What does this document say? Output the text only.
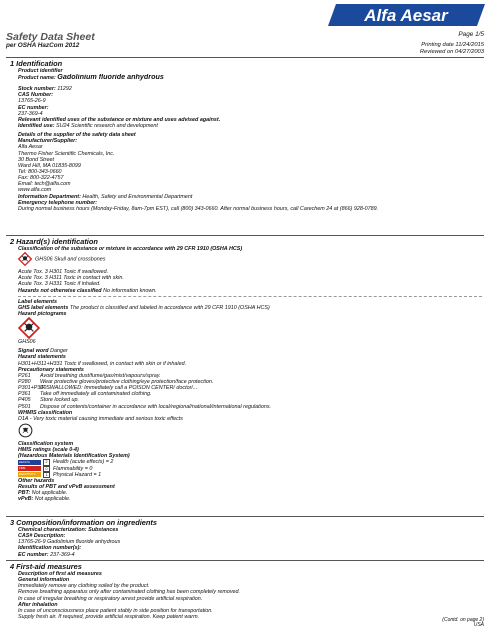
Safety Data Sheet
per OSHA HazCom 2012
Alfa Aesar
Page 1/5
Printing date 11/24/2015
Reviewed on 04/27/2003
1 Identification
Product identifier
Product name: Gadolinium fluoride anhydrous
Stock number: 11292
CAS Number:
13765-26-9
EC number:
237-369-4
Relevant identified uses of the substance or mixture and uses advised against.
Identified use: SU24 Scientific research and development
Details of the supplier of the safety data sheet
Manufacturer/Supplier:
Alfa Aesar
Thermo Fisher Scientific Chemicals, Inc.
30 Bond Street
Ward Hill, MA 01835-8099
Tel: 800-343-0660
Fax: 800-322-4757
Email: tech@alfa.com
www.alfa.com
Information Department: Health, Safety and Environmental Department
Emergency telephone number:
During normal business hours (Monday-Friday, 8am-7pm EST), call (800) 343-0660. After normal business hours, call Carechem 24 at (866) 928-0789.
2 Hazard(s) identification
Classification of the substance or mixture in accordance with 29 CFR 1910 (OSHA HCS)
GHS06 Skull and crossbones
Acute Tox. 3 H301 Toxic if swallowed.
Acute Tox. 3 H311 Toxic in contact with skin.
Acute Tox. 3 H331 Toxic if inhaled.
Hazards not otherwise classified No information known.
Label elements
GHS label elements The product is classified and labeled in accordance with 29 CFR 1910 (OSHA HCS)
Hazard pictograms
GHS06
Signal word Danger
Hazard statements
H301+H311+H331 Toxic if swallowed, in contact with skin or if inhaled.
Precautionary statements
P261 Avoid breathing dust/fume/gas/mist/vapours/spray.
P280 Wear protective gloves/protective clothing/eye protection/face protection.
P301+P310IF SWALLOWED: Immediately call a POISON CENTER/ doctor/...
P361 Take off immediately all contaminated clothing.
P405 Store locked up.
P501 Dispose of contents/container in accordance with local/regional/national/international regulations.
WHMIS classification
D1A - Very toxic material causing immediate and serious toxic effects
Classification system
HMIS ratings (scale 0-4)
(Hazardous Materials Identification System)
HEALTH	2	Health (acute effects) = 2
FIRE	0	Flammability = 0
REACTIVITY	1	Physical Hazard = 1
Other hazards
Results of PBT and vPvB assessment
PBT: Not applicable.
vPvB: Not applicable.
3 Composition/information on ingredients
Chemical characterization: Substances
CAS# Description:
13765-26-9 Gadolinium fluoride anhydrous
Identification number(s):
EC number: 237-369-4
4 First-aid measures
Description of first aid measures
General information
Immediately remove any clothing soiled by the product.
Remove breathing apparatus only after contaminated clothing has been completely removed.
In case of irregular breathing or respiratory arrest provide artificial respiration.
After inhalation
In case of unconsciousness place patient stably in side position for transportation.
Supply fresh air. If required, provide artificial respiration. Keep patient warm.
(Contd. on page 2)
USA
